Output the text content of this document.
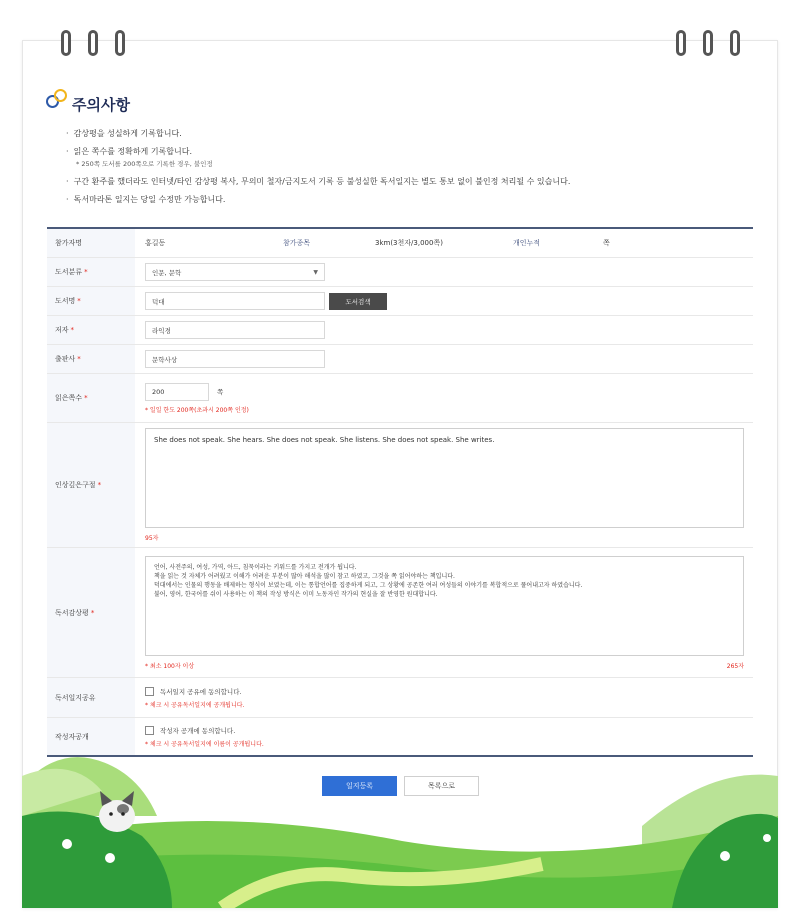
주의사항
·  감상평을 성실하게 기록합니다.
·  읽은 쪽수를 정확하게 기록합니다.
* 250쪽 도서를 200쪽으로 기록한 경우, 불인정
·  구간 환주를 했더라도 인터넷/타인 감상평 복사, 무의미 철자/금지도서 기록 등 불성실한 독서일지는 별도 통보 없이 불인정 처리될 수 있습니다.
·  독서마라톤 일지는 당일 수정만 가능합니다.
참가자명	홍길동	참가종목	3km(3천자/3,000쪽)	개인누적	쪽
도서분류 *	인문, 문학	▼
도서명 *	덕대	도서검색
저자 *	라익경
출판사 *	문학사상
읽은쪽수 *
200	쪽
* 일일 한도 200쪽(초과시 200쪽 인정)
인상깊은구절 *
She does not speak. She hears. She does not speak. She listens. She does not speak. She writes.
95자
독서감상평 *
언어, 사전주의, 여성, 가역, 아드, 침묵이라는 키워드를 가지고 전개가 됩니다.
책을 읽는 것 자체가 어려웠고 이해가 어려운 부분이 많아 해석을 많이 참고 하였고, 그것을 쪽 읽어야하는 책입니다.
덕대에서는 인물의 행동을 배제하는 형식이 보였는데, 이는 통합언어를 집중하게 되고, 그 상황에 공존한 여러 여성들의 이야기를 복합적으로 풀어내고자 하였습니다.
불어, 영어, 한국어를 쉬이 사용하는 이 책의 작성 방식은 이미 노동자인 작가의 현실을 잘 반영한 원대합니다.
* 최소 100자 이상	265자
독서일지공유
독서일지 공유에 동의합니다.
* 체크 시 공유독서일지에 공개됩니다.
작성자공개
작성자 공개에 동의합니다.
* 체크 시 공유독서일지에 이름이 공개됩니다.
일지등록	목록으로
